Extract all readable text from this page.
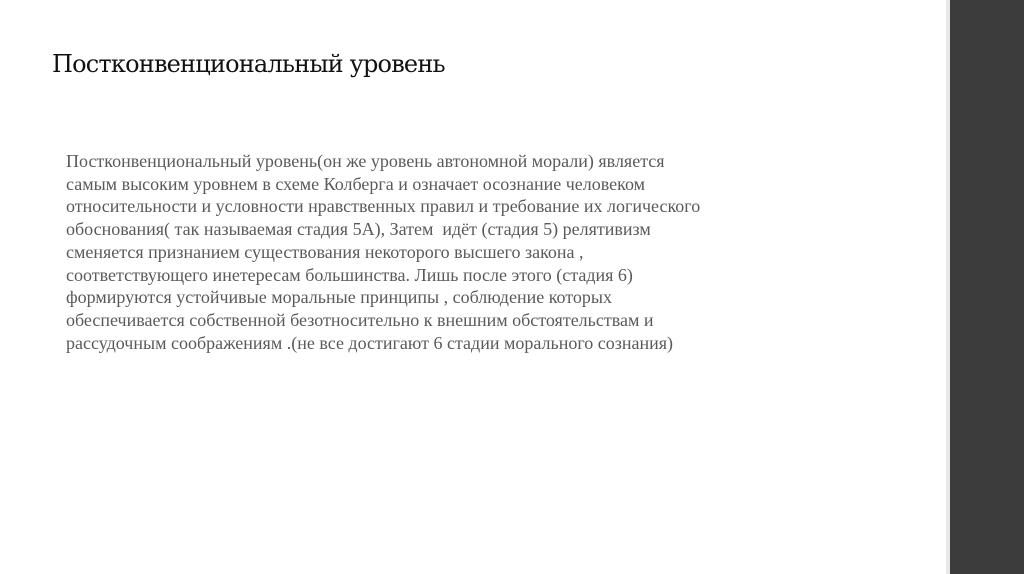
Постконвенциональный уровень
Постконвенциональный уровень(он же уровень автономной морали) является
самым высоким уровнем в схеме Колберга и означает осознание человеком
относительности и условности нравственных правил и требование их логического
обоснования( так называемая стадия 5А), Затем  идёт (стадия 5) релятивизм
сменяется признанием существования некоторого высшего закона ,
соответствующего инетересам большинства. Лишь после этого (стадия 6)
формируются устойчивые моральные принципы , соблюдение которых
обеспечивается собственной безотносительно к внешним обстоятельствам и
рассудочным соображениям .(не все достигают 6 стадии морального сознания)
